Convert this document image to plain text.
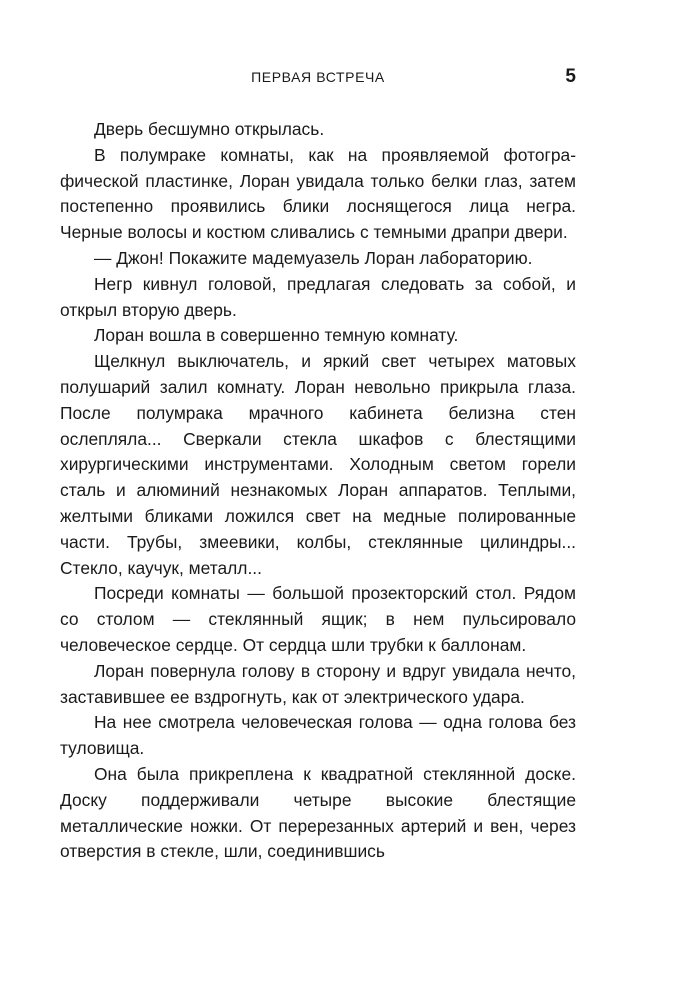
ПЕРВАЯ ВСТРЕЧА	5

Дверь бесшумно открылась.

В полумраке комнаты, как на проявляемой фотографической пластинке, Лоран увидала только белки глаз, затем постепенно проявились блики лоснящегося лица негра. Черные волосы и костюм сливались с темными драпри двери.

— Джон! Покажите мадемуазель Лоран лабораторию.

Негр кивнул головой, предлагая следовать за собой, и открыл вторую дверь.

Лоран вошла в совершенно темную комнату.

Щелкнул выключатель, и яркий свет четырех матовых полушарий залил комнату. Лоран невольно прикрыла глаза. После полумрака мрачного кабинета белизна стен ослепляла... Сверкали стекла шкафов с блестящими хирургическими инструментами. Холодным светом горели сталь и алюминий незнакомых Лоран аппаратов. Теплыми, желтыми бликами ложился свет на медные полированные части. Трубы, змеевики, колбы, стеклянные цилиндры... Стекло, каучук, металл...

Посреди комнаты — большой прозекторский стол. Рядом со столом — стеклянный ящик; в нем пульсировало человеческое сердце. От сердца шли трубки к баллонам.

Лоран повернула голову в сторону и вдруг увидала нечто, заставившее ее вздрогнуть, как от электрического удара.

На нее смотрела человеческая голова — одна голова без туловища.

Она была прикреплена к квадратной стеклянной доске. Доску поддерживали четыре высокие блестящие металлические ножки. От перерезанных артерий и вен, через отверстия в стекле, шли, соединившись
